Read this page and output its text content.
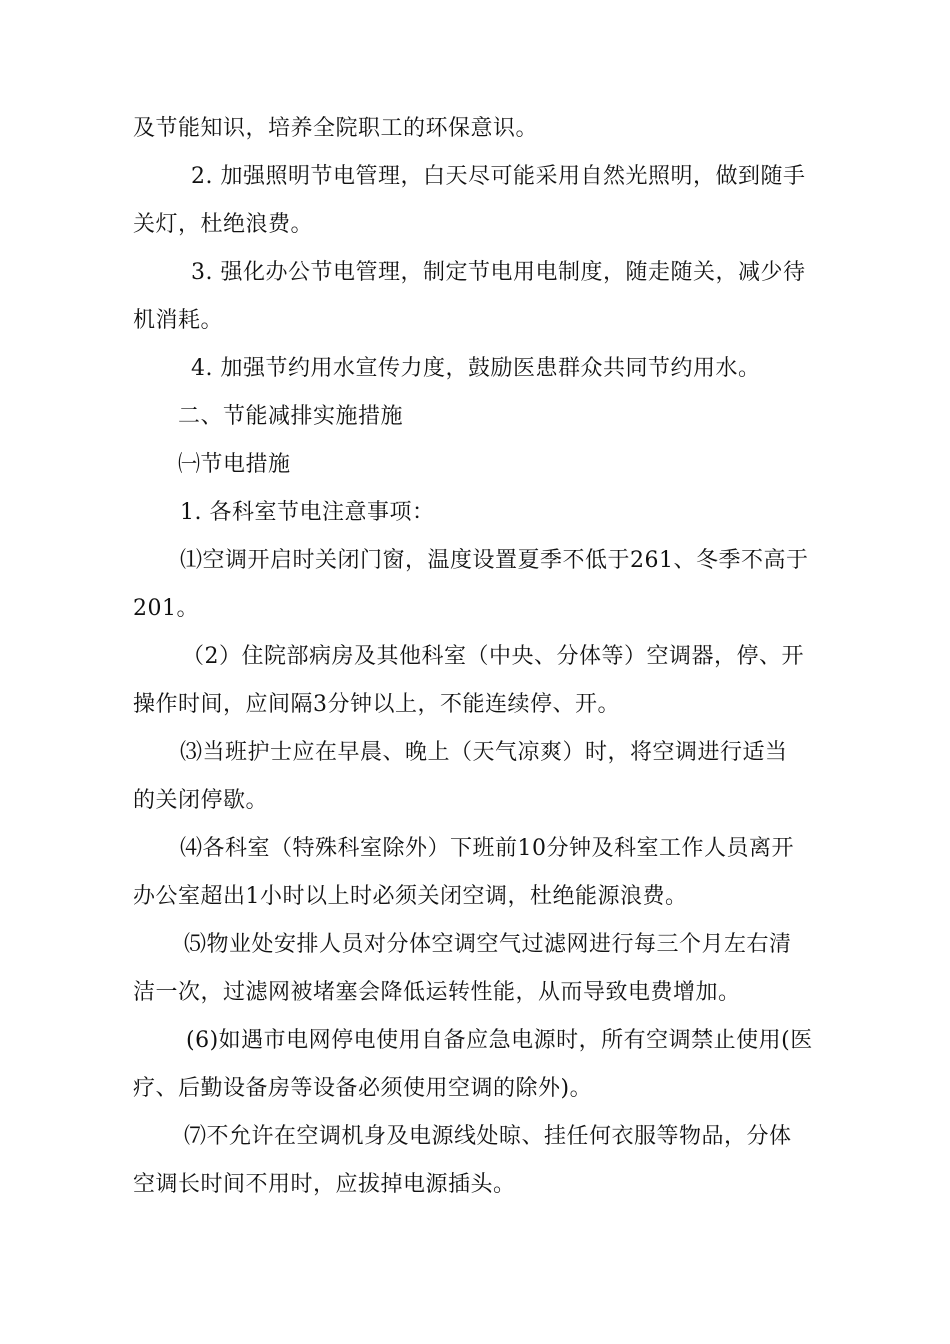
及节能知识，培养全院职工的环保意识。
2. 加强照明节电管理，白天尽可能采用自然光照明，做到随手
关灯，杜绝浪费。
3. 强化办公节电管理，制定节电用电制度，随走随关，减少待
机消耗。
4. 加强节约用水宣传力度，鼓励医患群众共同节约用水。
二、节能减排实施措施
㈠节电措施
1. 各科室节电注意事项：
⑴空调开启时关闭门窗，温度设置夏季不低于261、冬季不高于
201。
（2）住院部病房及其他科室（中央、分体等）空调器，停、开
操作时间，应间隔3分钟以上，不能连续停、开。
⑶当班护士应在早晨、晚上（天气凉爽）时，将空调进行适当
的关闭停歇。
⑷各科室（特殊科室除外）下班前10分钟及科室工作人员离开
办公室超出1小时以上时必须关闭空调，杜绝能源浪费。
⑸物业处安排人员对分体空调空气过滤网进行每三个月左右清
洁一次，过滤网被堵塞会降低运转性能，从而导致电费增加。
(6)如遇市电网停电使用自备应急电源时，所有空调禁止使用(医
疗、后勤设备房等设备必须使用空调的除外)。
⑺不允许在空调机身及电源线处晾、挂任何衣服等物品，分体
空调长时间不用时，应拔掉电源插头。
